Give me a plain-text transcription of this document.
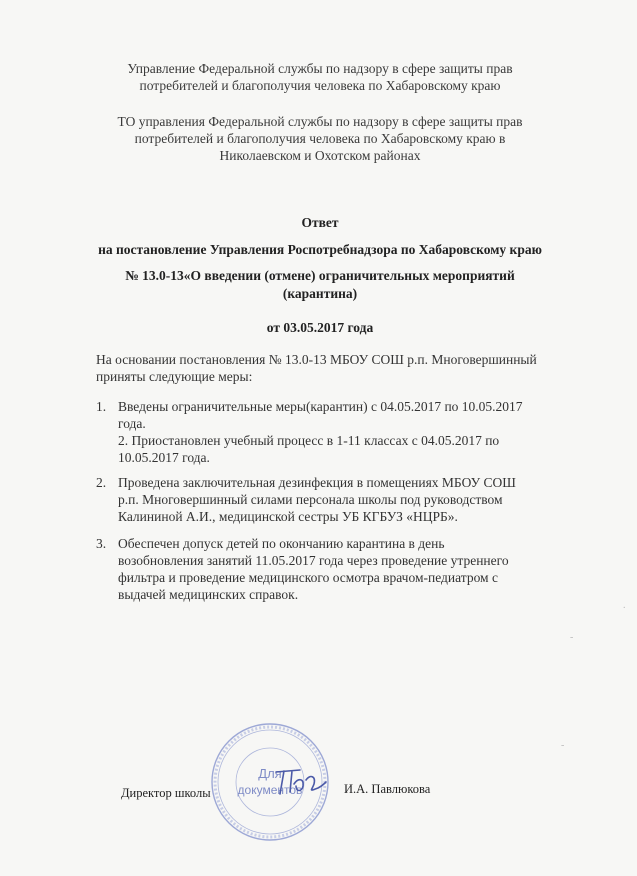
Управление Федеральной службы по надзору в сфере защиты прав
потребителей и благополучия человека по Хабаровскому краю
ТО управления Федеральной службы по надзору в сфере защиты прав
потребителей и благополучия человека по Хабаровскому краю в
Николаевском и Охотском районах
Ответ
на постановление Управления Роспотребнадзора по Хабаровскому краю
№ 13.0-13«О введении (отмене) ограничительных мероприятий
(карантина)
от 03.05.2017 года
На основании постановления № 13.0-13 МБОУ СОШ р.п. Многовершинный
приняты следующие меры:
1. Введены ограничительные меры(карантин) с 04.05.2017 по 10.05.2017
года.
2. Приостановлен учебный процесс в 1-11 классах с 04.05.2017 по
10.05.2017 года.
2. Проведена заключительная дезинфекция в помещениях МБОУ СОШ
р.п. Многовершинный силами персонала школы под руководством
Калининой А.И., медицинской сестры УБ КГБУЗ «НЦРБ».
3. Обеспечен допуск детей по окончанию карантина в день
возобновления занятий 11.05.2017 года через проведение утреннего
фильтра и проведение медицинского осмотра врачом-педиатром с
выдачей медицинских справок.
Для
документов
Директор школы	И.А. Павлюкова
.
-
-
